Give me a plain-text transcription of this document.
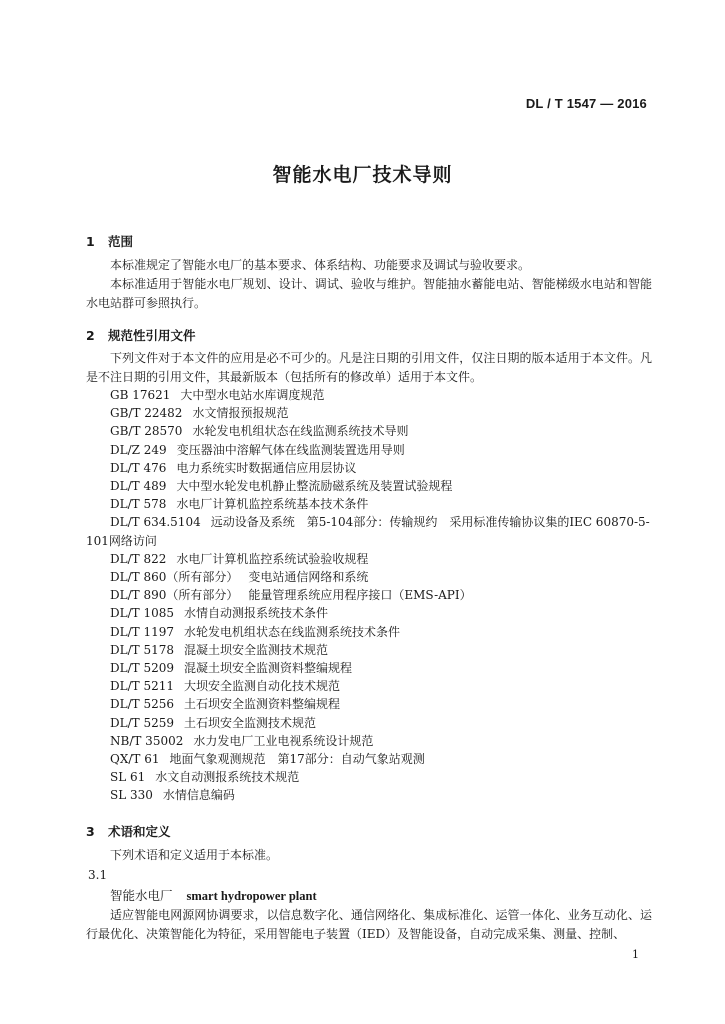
DL / T 1547 — 2016
智能水电厂技术导则
1 范围
本标准规定了智能水电厂的基本要求、体系结构、功能要求及调试与验收要求。
本标准适用于智能水电厂规划、设计、调试、验收与维护。智能抽水蓄能电站、智能梯级水电站和智能水电站群可参照执行。
2 规范性引用文件
下列文件对于本文件的应用是必不可少的。凡是注日期的引用文件，仅注日期的版本适用于本文件。凡是不注日期的引用文件，其最新版本（包括所有的修改单）适用于本文件。
GB 17621 大中型水电站水库调度规范
GB/T 22482 水文情报预报规范
GB/T 28570 水轮发电机组状态在线监测系统技术导则
DL/Z 249 变压器油中溶解气体在线监测装置选用导则
DL/T 476 电力系统实时数据通信应用层协议
DL/T 489 大中型水轮发电机静止整流励磁系统及装置试验规程
DL/T 578 水电厂计算机监控系统基本技术条件
DL/T 634.5104 远动设备及系统　第5-104部分：传输规约　采用标准传输协议集的IEC 60870-5-101网络访问
DL/T 822 水电厂计算机监控系统试验验收规程
DL/T 860（所有部分） 变电站通信网络和系统
DL/T 890（所有部分） 能量管理系统应用程序接口（EMS-API）
DL/T 1085 水情自动测报系统技术条件
DL/T 1197 水轮发电机组状态在线监测系统技术条件
DL/T 5178 混凝土坝安全监测技术规范
DL/T 5209 混凝土坝安全监测资料整编规程
DL/T 5211 大坝安全监测自动化技术规范
DL/T 5256 土石坝安全监测资料整编规程
DL/T 5259 土石坝安全监测技术规范
NB/T 35002 水力发电厂工业电视系统设计规范
QX/T 61 地面气象观测规范　第17部分：自动气象站观测
SL 61 水文自动测报系统技术规范
SL 330 水情信息编码
3 术语和定义
下列术语和定义适用于本标准。
3.1
智能水电厂 smart hydropower plant
适应智能电网源网协调要求，以信息数字化、通信网络化、集成标准化、运管一体化、业务互动化、运行最优化、决策智能化为特征，采用智能电子装置（IED）及智能设备，自动完成采集、测量、控制、
1
